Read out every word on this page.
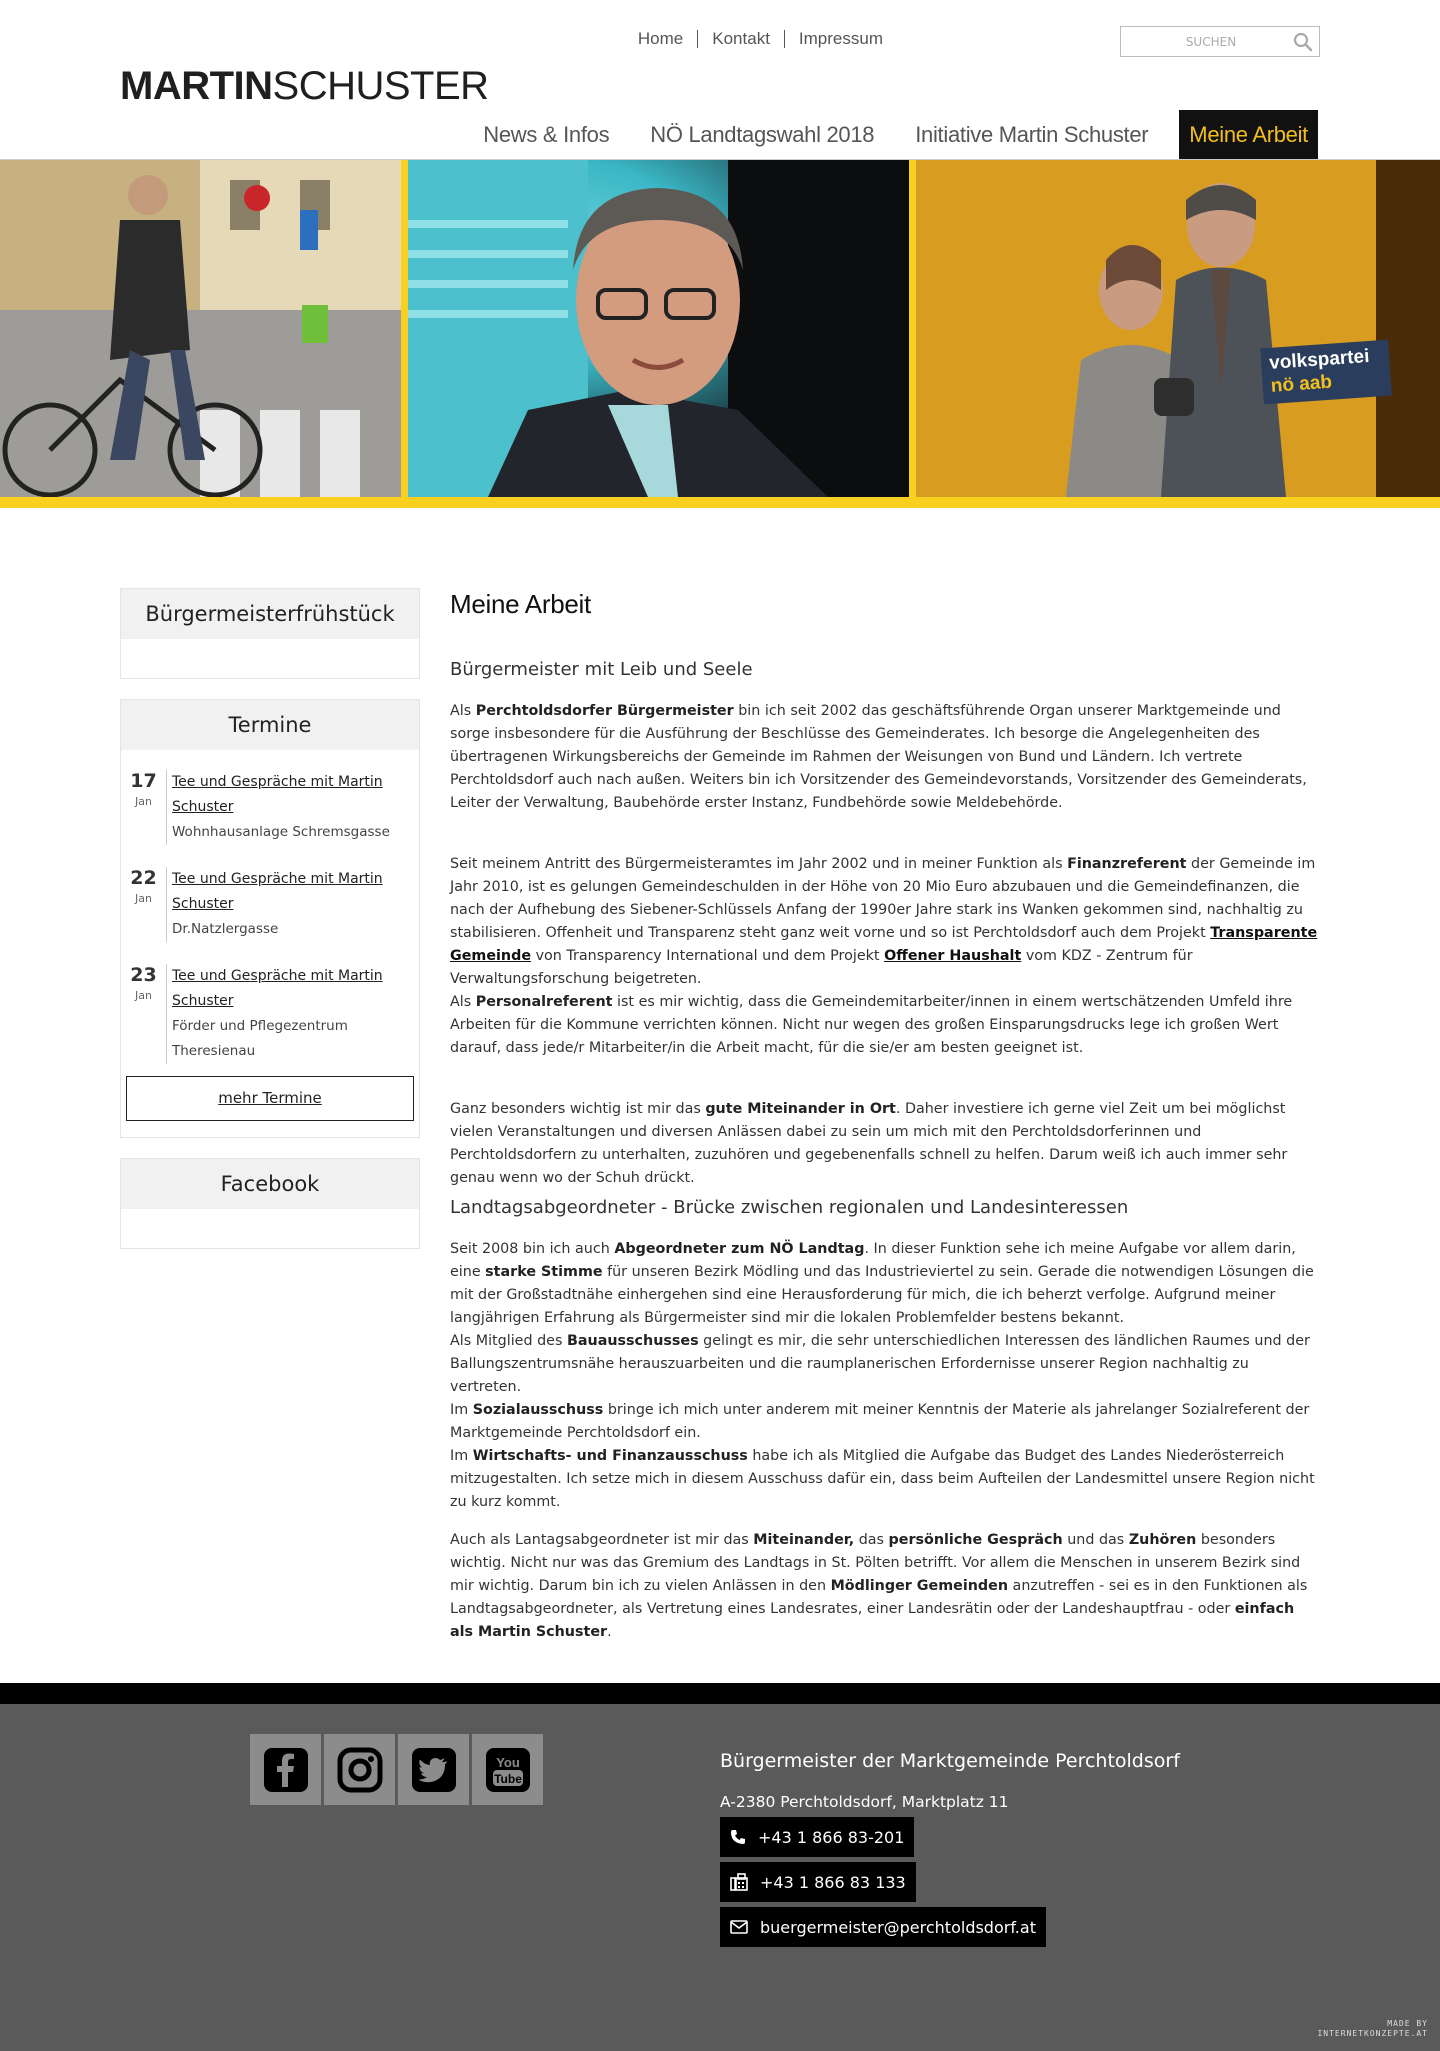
MARTINSCHUSTER
Home	Kontakt	Impressum
SUCHEN
News & Infos	NÖ Landtagswahl 2018	Initiative Martin Schuster	Meine Arbeit
volkspartei
nö aab
Bürgermeisterfrühstück
Termine
17
Jan
Tee und Gespräche mit Martin Schuster
Wohnhausanlage Schremsgasse
22
Jan
Tee und Gespräche mit Martin Schuster
Dr.Natzlergasse
23
Jan
Tee und Gespräche mit Martin Schuster
Förder und Pflegezentrum Theresienau
mehr Termine
Facebook
Meine Arbeit
Bürgermeister mit Leib und Seele

Als Perchtoldsdorfer Bürgermeister bin ich seit 2002 das geschäftsführende Organ unserer Marktgemeinde und sorge insbesondere für die Ausführung der Beschlüsse des Gemeinderates. Ich besorge die Angelegenheiten des übertragenen Wirkungsbereichs der Gemeinde im Rahmen der Weisungen von Bund und Ländern. Ich vertrete Perchtoldsdorf auch nach außen. Weiters bin ich Vorsitzender des Gemeindevorstands, Vorsitzender des Gemeinderats, Leiter der Verwaltung, Baubehörde erster Instanz, Fundbehörde sowie Meldebehörde.

Seit meinem Antritt des Bürgermeisteramtes im Jahr 2002 und in meiner Funktion als Finanzreferent der Gemeinde im Jahr 2010, ist es gelungen Gemeindeschulden in der Höhe von 20 Mio Euro abzubauen und die Gemeindefinanzen, die nach der Aufhebung des Siebener-Schlüssels Anfang der 1990er Jahre stark ins Wanken gekommen sind, nachhaltig zu stabilisieren. Offenheit und Transparenz steht ganz weit vorne und so ist Perchtoldsdorf auch dem Projekt Transparente Gemeinde von Transparency International und dem Projekt Offener Haushalt vom KDZ - Zentrum für Verwaltungsforschung beigetreten.
Als Personalreferent ist es mir wichtig, dass die Gemeindemitarbeiter/innen in einem wertschätzenden Umfeld ihre Arbeiten für die Kommune verrichten können. Nicht nur wegen des großen Einsparungsdrucks lege ich großen Wert darauf, dass jede/r Mitarbeiter/in die Arbeit macht, für die sie/er am besten geeignet ist.

Ganz besonders wichtig ist mir das gute Miteinander in Ort. Daher investiere ich gerne viel Zeit um bei möglichst vielen Veranstaltungen und diversen Anlässen dabei zu sein um mich mit den Perchtoldsdorferinnen und Perchtoldsdorfern zu unterhalten, zuzuhören und gegebenenfalls schnell zu helfen. Darum weiß ich auch immer sehr genau wenn wo der Schuh drückt.

Landtagsabgeordneter - Brücke zwischen regionalen und Landesinteressen

Seit 2008 bin ich auch Abgeordneter zum NÖ Landtag. In dieser Funktion sehe ich meine Aufgabe vor allem darin, eine starke Stimme für unseren Bezirk Mödling und das Industrieviertel zu sein. Gerade die notwendigen Lösungen die mit der Großstadtnähe einhergehen sind eine Herausforderung für mich, die ich beherzt verfolge. Aufgrund meiner langjährigen Erfahrung als Bürgermeister sind mir die lokalen Problemfelder bestens bekannt.
Als Mitglied des Bauausschusses gelingt es mir, die sehr unterschiedlichen Interessen des ländlichen Raumes und der Ballungszentrumsnähe herauszuarbeiten und die raumplanerischen Erfordernisse unserer Region nachhaltig zu vertreten.
Im Sozialausschuss bringe ich mich unter anderem mit meiner Kenntnis der Materie als jahrelanger Sozialreferent der Marktgemeinde Perchtoldsdorf ein.
Im Wirtschafts- und Finanzausschuss habe ich als Mitglied die Aufgabe das Budget des Landes Niederösterreich mitzugestalten. Ich setze mich in diesem Ausschuss dafür ein, dass beim Aufteilen der Landesmittel unsere Region nicht zu kurz kommt.

Auch als Lantagsabgeordneter ist mir das Miteinander, das persönliche Gespräch und das Zuhören besonders wichtig. Nicht nur was das Gremium des Landtags in St. Pölten betrifft. Vor allem die Menschen in unserem Bezirk sind mir wichtig. Darum bin ich zu vielen Anlässen in den Mödlinger Gemeinden anzutreffen - sei es in den Funktionen als Landtagsabgeordneter, als Vertretung eines Landesrates, einer Landesrätin oder der Landeshauptfrau - oder einfach als Martin Schuster.

You
Tube
Bürgermeister der Marktgemeinde Perchtoldsorf
A-2380 Perchtoldsdorf, Marktplatz 11
+43 1 866 83-201
+43 1 866 83 133
buergermeister@perchtoldsdorf.at
MADE BY
INTERNETKONZEPTE.AT
